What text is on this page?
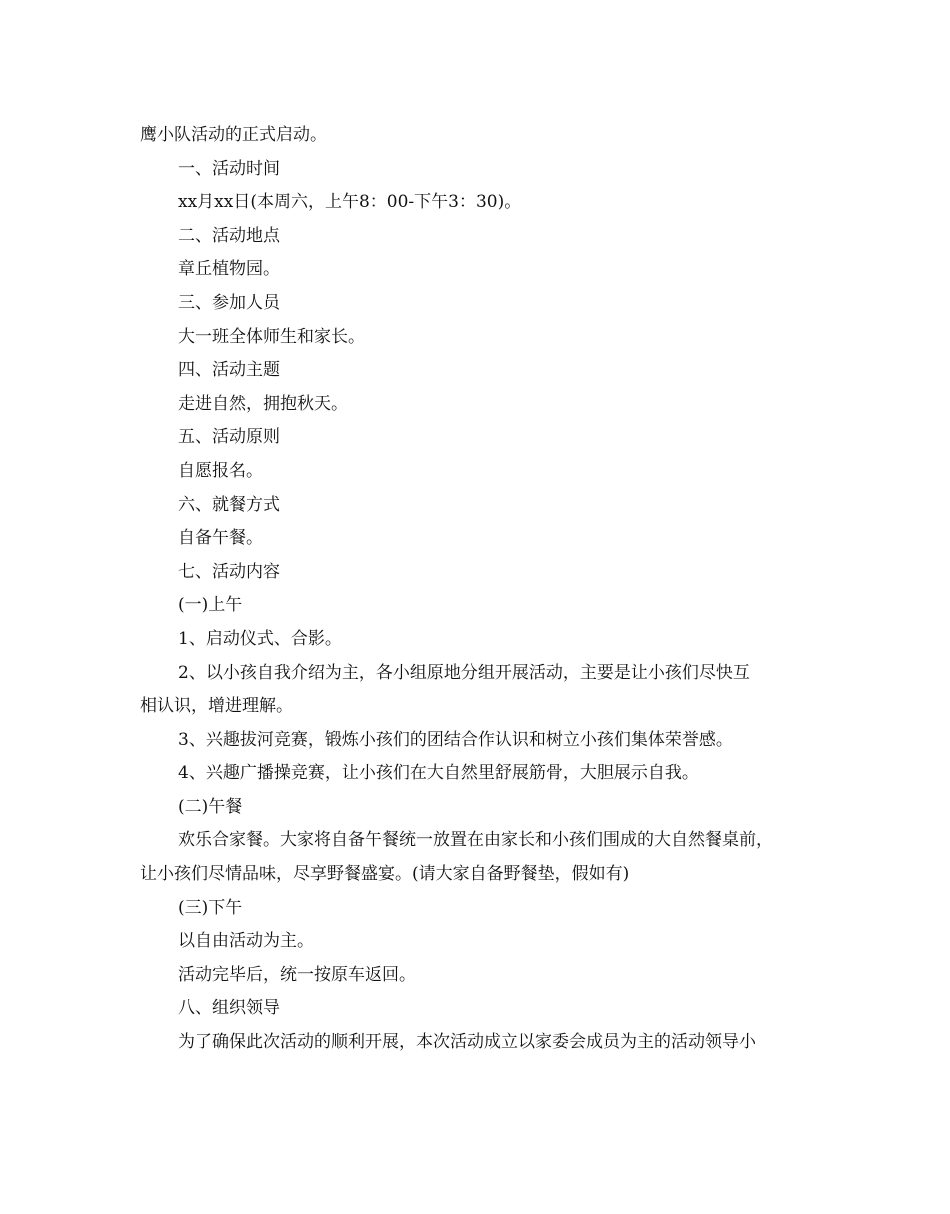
鹰小队活动的正式启动。
一、活动时间
xx月xx日(本周六，上午8：00-下午3：30)。
二、活动地点
章丘植物园。
三、参加人员
大一班全体师生和家长。
四、活动主题
走进自然，拥抱秋天。
五、活动原则
自愿报名。
六、就餐方式
自备午餐。
七、活动内容
(一)上午
1、启动仪式、合影。
2、以小孩自我介绍为主，各小组原地分组开展活动，主要是让小孩们尽快互
相认识，增进理解。
3、兴趣拔河竞赛，锻炼小孩们的团结合作认识和树立小孩们集体荣誉感。
4、兴趣广播操竞赛，让小孩们在大自然里舒展筋骨，大胆展示自我。
(二)午餐
欢乐合家餐。大家将自备午餐统一放置在由家长和小孩们围成的大自然餐桌前，
让小孩们尽情品味，尽享野餐盛宴。(请大家自备野餐垫，假如有)
(三)下午
以自由活动为主。
活动完毕后，统一按原车返回。
八、组织领导
为了确保此次活动的顺利开展，本次活动成立以家委会成员为主的活动领导小
